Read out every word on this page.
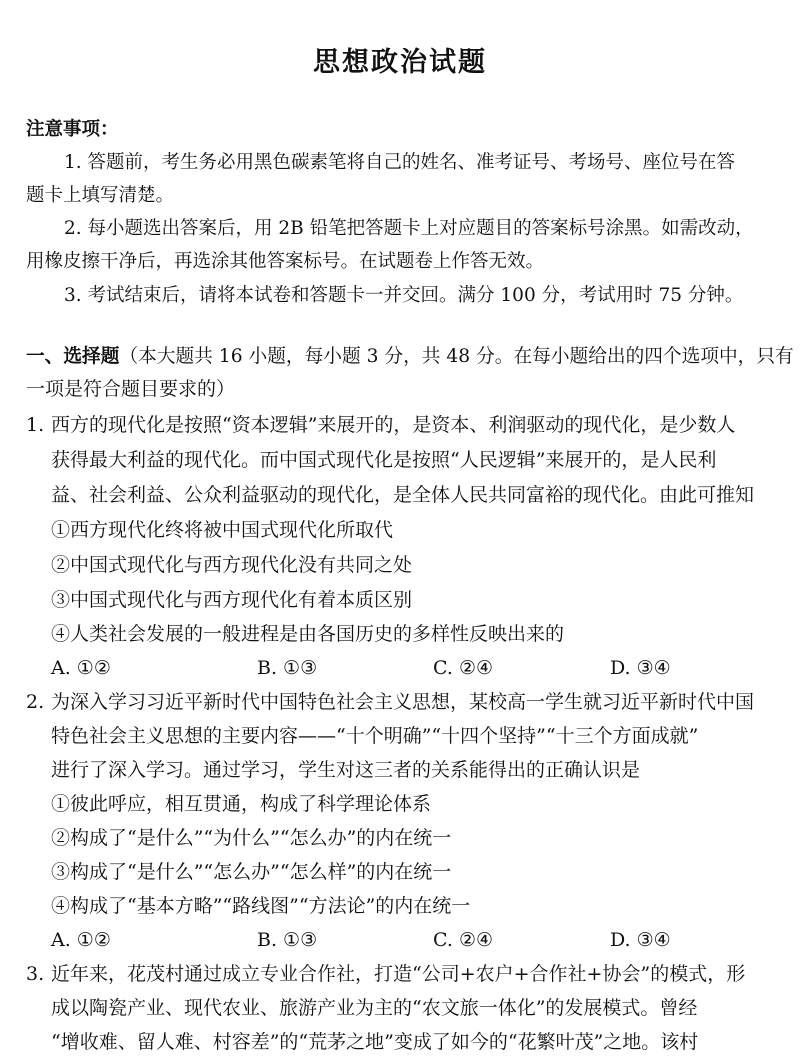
思想政治试题
注意事项：
1. 答题前，考生务必用黑色碳素笔将自己的姓名、准考证号、考场号、座位号在答
题卡上填写清楚。
2. 每小题选出答案后，用 2B 铅笔把答题卡上对应题目的答案标号涂黑。如需改动，
用橡皮擦干净后，再选涂其他答案标号。在试题卷上作答无效。
3. 考试结束后，请将本试卷和答题卡一并交回。满分 100 分，考试用时 75 分钟。
一、选择题（本大题共 16 小题，每小题 3 分，共 48 分。在每小题给出的四个选项中，只有
一项是符合题目要求的）
1. 西方的现代化是按照“资本逻辑”来展开的，是资本、利润驱动的现代化，是少数人
获得最大利益的现代化。而中国式现代化是按照“人民逻辑”来展开的，是人民利
益、社会利益、公众利益驱动的现代化，是全体人民共同富裕的现代化。由此可推知
①西方现代化终将被中国式现代化所取代
②中国式现代化与西方现代化没有共同之处
③中国式现代化与西方现代化有着本质区别
④人类社会发展的一般进程是由各国历史的多样性反映出来的
A. ①②	B. ①③	C. ②④	D. ③④
2. 为深入学习习近平新时代中国特色社会主义思想，某校高一学生就习近平新时代中国
特色社会主义思想的主要内容——“十个明确”“十四个坚持”“十三个方面成就”
进行了深入学习。通过学习，学生对这三者的关系能得出的正确认识是
①彼此呼应，相互贯通，构成了科学理论体系
②构成了“是什么”“为什么”“怎么办”的内在统一
③构成了“是什么”“怎么办”“怎么样”的内在统一
④构成了“基本方略”“路线图”“方法论”的内在统一
A. ①②	B. ①③	C. ②④	D. ③④
3. 近年来，花茂村通过成立专业合作社，打造“公司+农户+合作社+协会”的模式，形
成以陶瓷产业、现代农业、旅游产业为主的“农文旅一体化”的发展模式。曾经
“增收难、留人难、村容差”的“荒茅之地”变成了如今的“花繁叶茂”之地。该村
